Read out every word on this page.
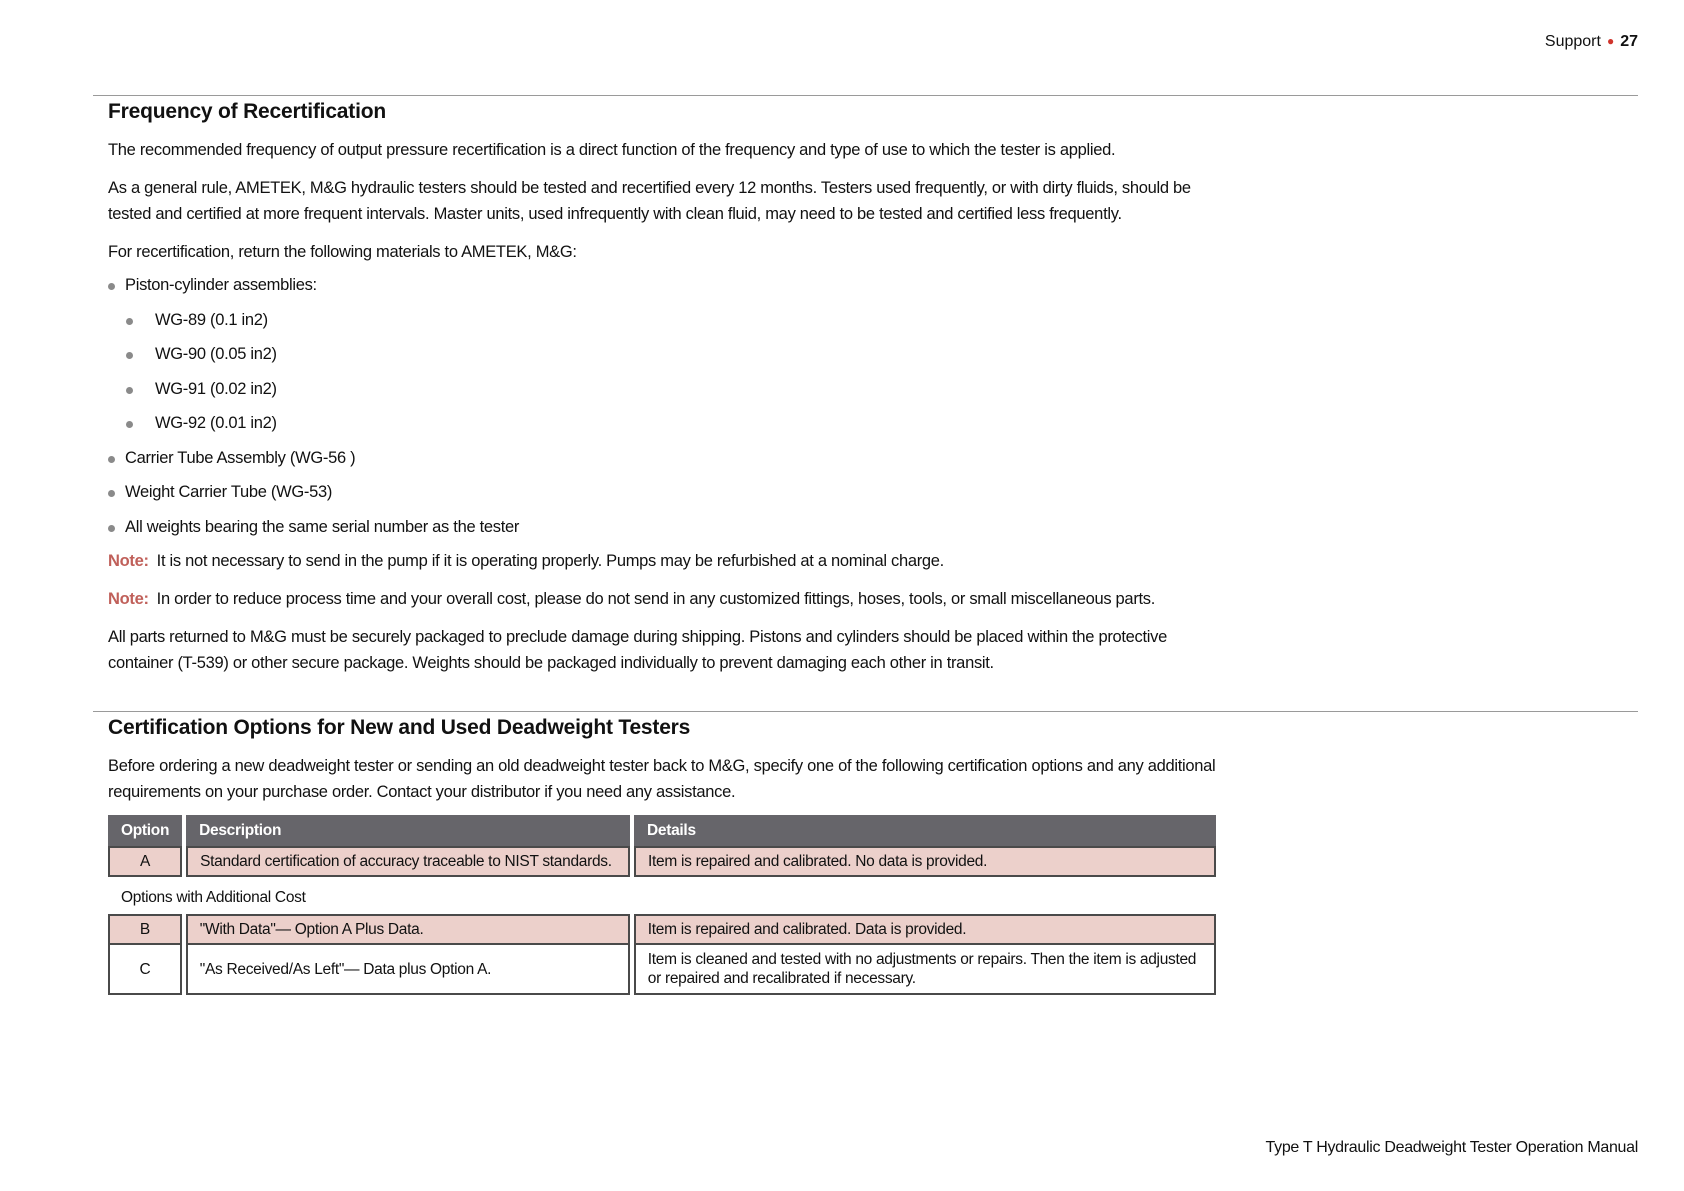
Support ● 27
Frequency of Recertification

The recommended frequency of output pressure recertification is a direct function of the frequency and type of use to which the tester is applied.

As a general rule, AMETEK, M&G hydraulic testers should be tested and recertified every 12 months. Testers used frequently, or with dirty fluids, should be tested and certified at more frequent intervals. Master units, used infrequently with clean fluid, may need to be tested and certified less frequently.

For recertification, return the following materials to AMETEK, M&G:

Piston-cylinder assemblies:
WG-89 (0.1 in2)
WG-90 (0.05 in2)
WG-91 (0.02 in2)
WG-92 (0.01 in2)
Carrier Tube Assembly (WG-56 )
Weight Carrier Tube (WG-53)
All weights bearing the same serial number as the tester

Note: It is not necessary to send in the pump if it is operating properly. Pumps may be refurbished at a nominal charge.

Note: In order to reduce process time and your overall cost, please do not send in any customized fittings, hoses, tools, or small miscellaneous parts.

All parts returned to M&G must be securely packaged to preclude damage during shipping. Pistons and cylinders should be placed within the protective container (T-539) or other secure package. Weights should be packaged individually to prevent damaging each other in transit.

Certification Options for New and Used Deadweight Testers

Before ordering a new deadweight tester or sending an old deadweight tester back to M&G, specify one of the following certification options and any additional requirements on your purchase order. Contact your distributor if you need any assistance.

Option	Description	Details
A	Standard certification of accuracy traceable to NIST standards.	Item is repaired and calibrated. No data is provided.
Options with Additional Cost
B	"With Data"— Option A Plus Data.	Item is repaired and calibrated. Data is provided.
C	"As Received/As Left"— Data plus Option A.	Item is cleaned and tested with no adjustments or repairs. Then the item is adjusted or repaired and recalibrated if necessary.
Type T Hydraulic Deadweight Tester Operation Manual
